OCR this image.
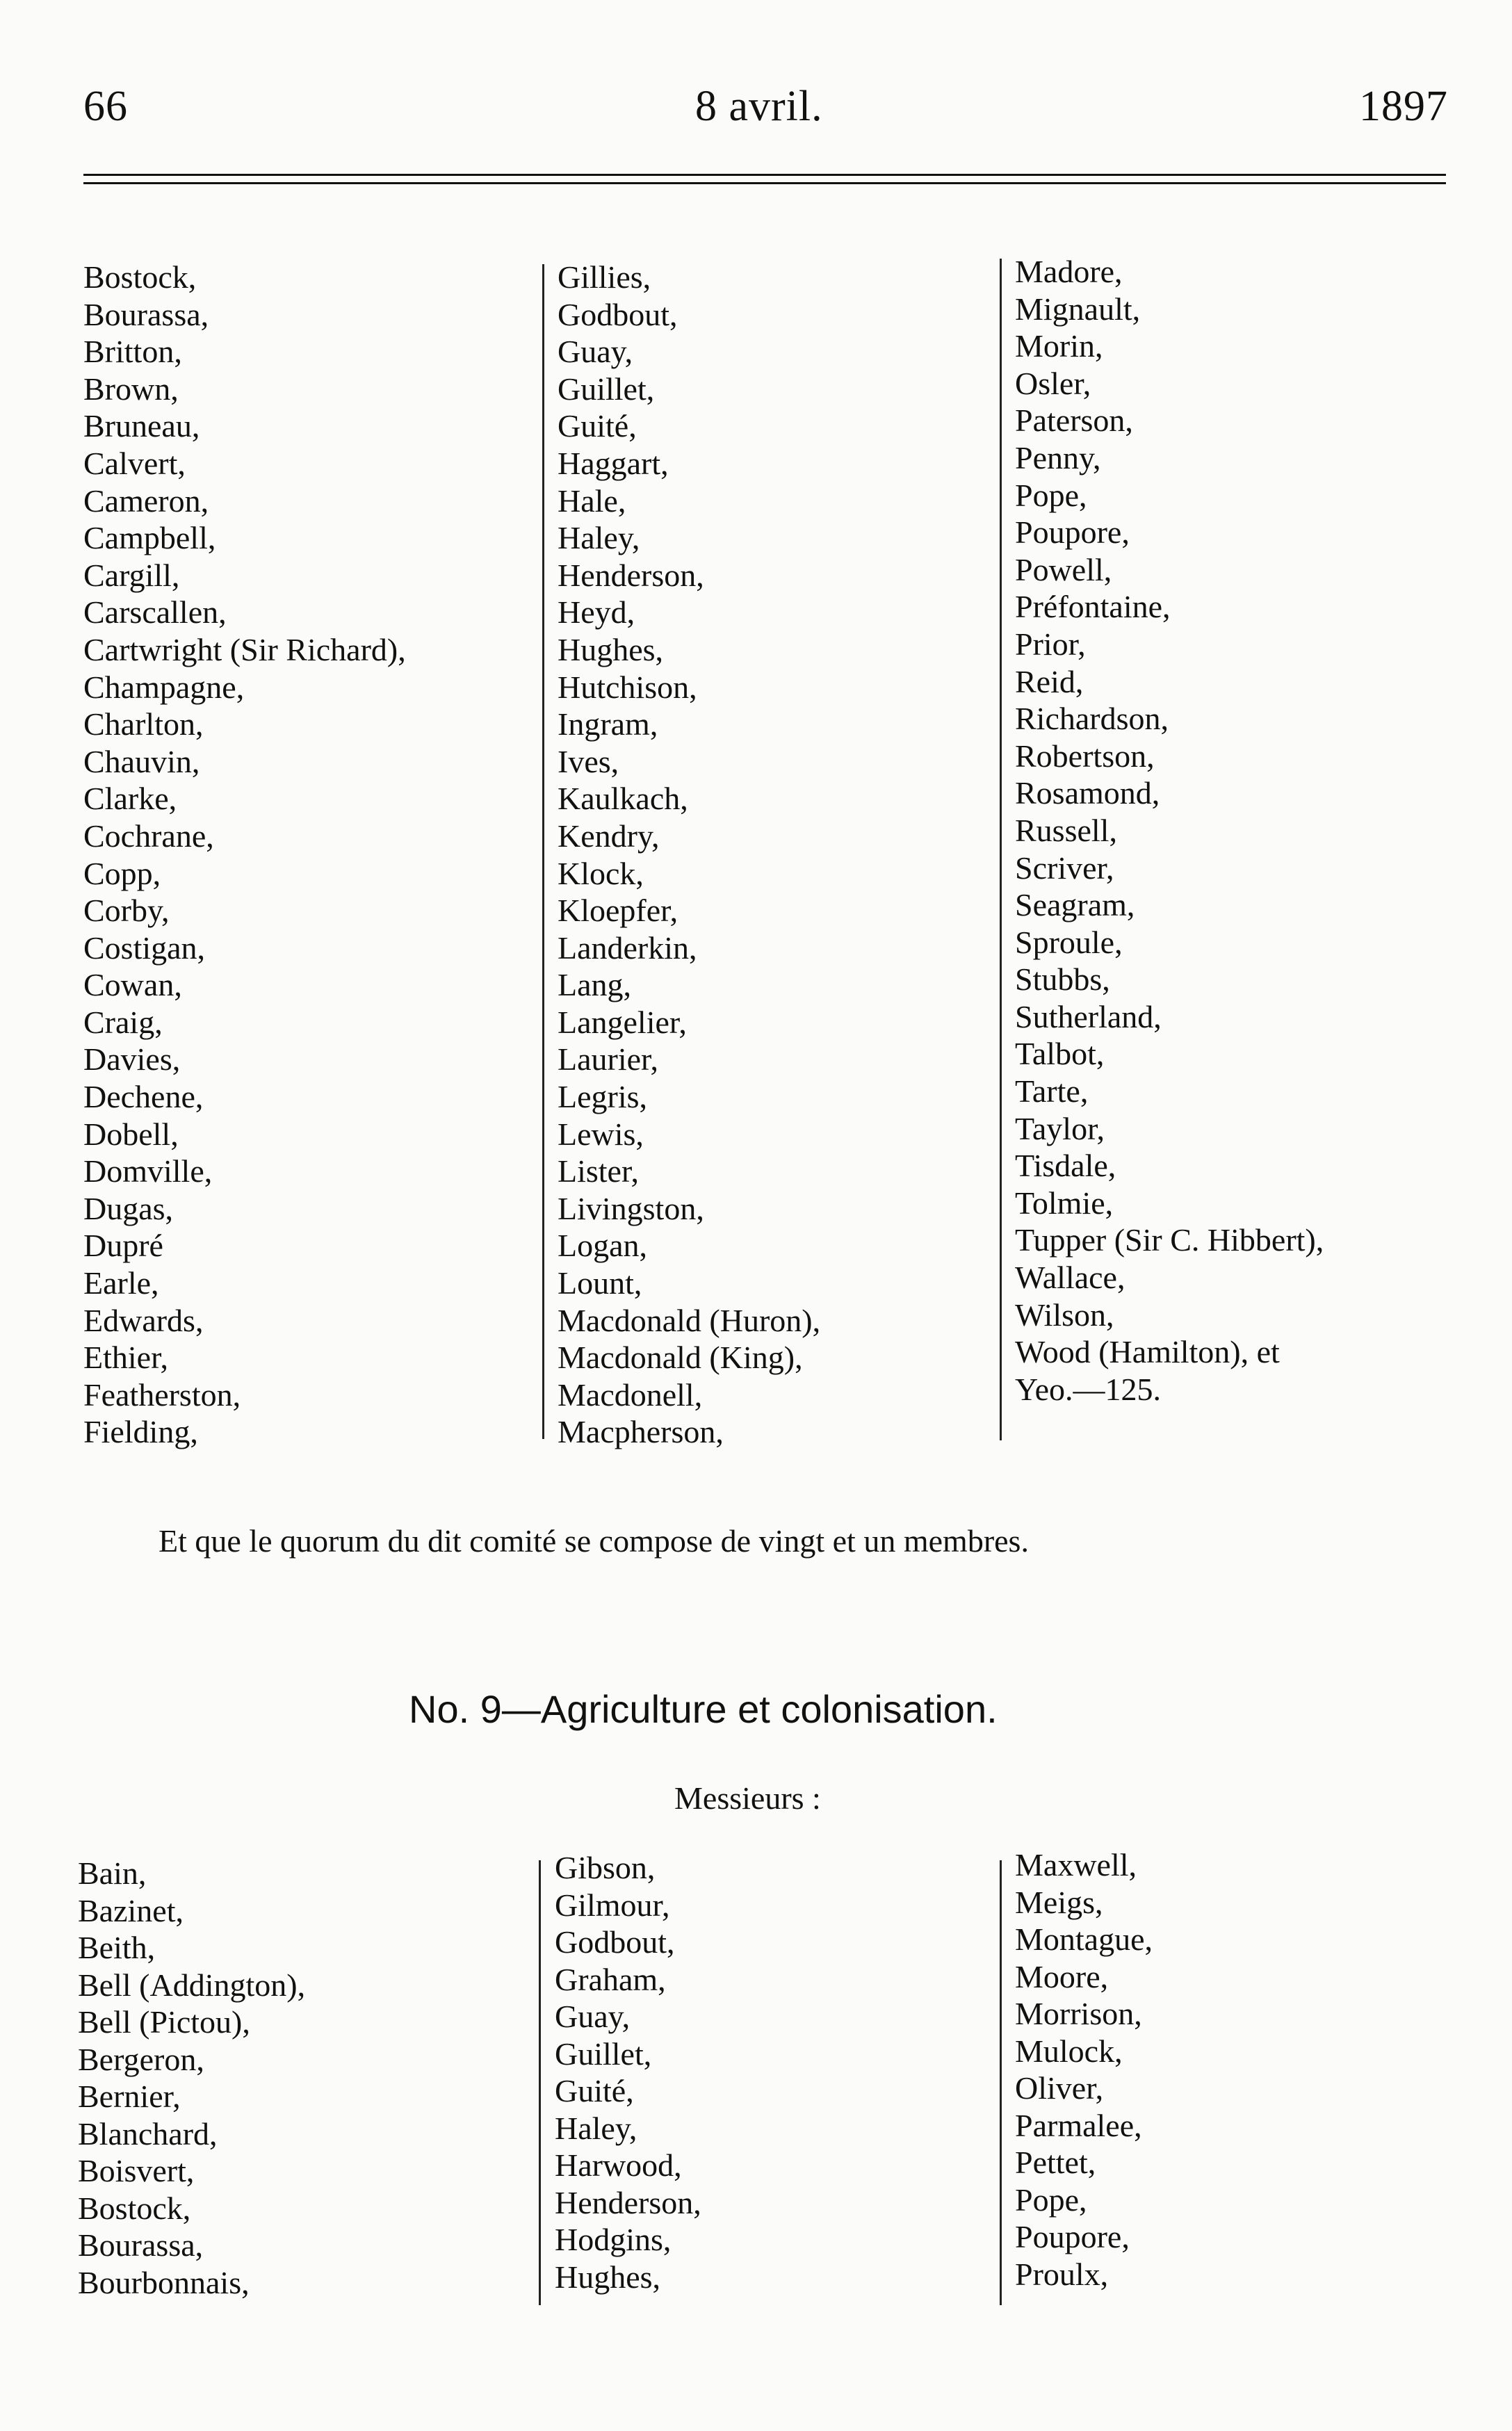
66	8 avril.	1897
Bostock,
Bourassa,
Britton,
Brown,
Bruneau,
Calvert,
Cameron,
Campbell,
Cargill,
Carscallen,
Cartwright (Sir Richard),
Champagne,
Charlton,
Chauvin,
Clarke,
Cochrane,
Copp,
Corby,
Costigan,
Cowan,
Craig,
Davies,
Dechene,
Dobell,
Domville,
Dugas,
Dupré
Earle,
Edwards,
Ethier,
Featherston,
Fielding,
Gillies,
Godbout,
Guay,
Guillet,
Guité,
Haggart,
Hale,
Haley,
Henderson,
Heyd,
Hughes,
Hutchison,
Ingram,
Ives,
Kaulkach,
Kendry,
Klock,
Kloepfer,
Landerkin,
Lang,
Langelier,
Laurier,
Legris,
Lewis,
Lister,
Livingston,
Logan,
Lount,
Macdonald (Huron),
Macdonald (King),
Macdonell,
Macpherson,
Madore,
Mignault,
Morin,
Osler,
Paterson,
Penny,
Pope,
Poupore,
Powell,
Préfontaine,
Prior,
Reid,
Richardson,
Robertson,
Rosamond,
Russell,
Scriver,
Seagram,
Sproule,
Stubbs,
Sutherland,
Talbot,
Tarte,
Taylor,
Tisdale,
Tolmie,
Tupper (Sir C. Hibbert),
Wallace,
Wilson,
Wood (Hamilton), et
Yeo.—125.
Et que le quorum du dit comité se compose de vingt et un membres.
No. 9—Agriculture et colonisation.
Messieurs :
Bain,
Bazinet,
Beith,
Bell (Addington),
Bell (Pictou),
Bergeron,
Bernier,
Blanchard,
Boisvert,
Bostock,
Bourassa,
Bourbonnais,
Gibson,
Gilmour,
Godbout,
Graham,
Guay,
Guillet,
Guité,
Haley,
Harwood,
Henderson,
Hodgins,
Hughes,
Maxwell,
Meigs,
Montague,
Moore,
Morrison,
Mulock,
Oliver,
Parmalee,
Pettet,
Pope,
Poupore,
Proulx,
